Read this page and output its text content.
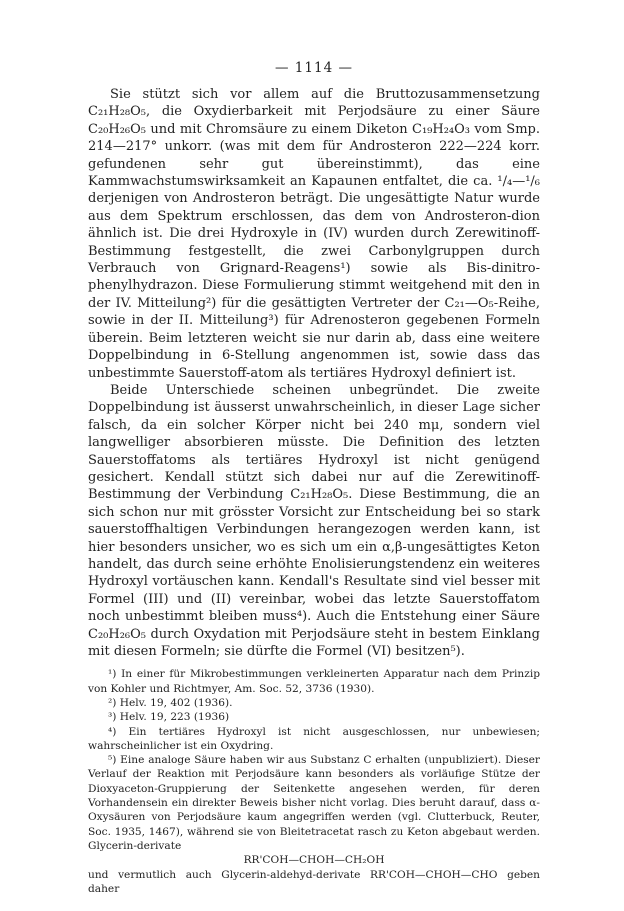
— 1114 —

Sie stützt sich vor allem auf die Bruttozusammensetzung C₂₁H₂₈O₅, die Oxydierbarkeit mit Perjodsäure zu einer Säure C₂₀H₂₆O₅ und mit Chromsäure zu einem Diketon C₁₉H₂₄O₃ vom Smp. 214—217° unkorr. (was mit dem für Androsteron 222—224 korr. gefundenen sehr gut übereinstimmt), das eine Kammwachstumswirksamkeit an Kapaunen entfaltet, die ca. ¹/₄—¹/₆ derjenigen von Androsteron beträgt. Die ungesättigte Natur wurde aus dem Spektrum erschlossen, das dem von Androsteron-dion ähnlich ist. Die drei Hydroxyle in (IV) wurden durch Zerewitinoff-Bestimmung festgestellt, die zwei Carbonylgruppen durch Verbrauch von Grignard-Reagens¹) sowie als Bis-dinitro-phenylhydrazon. Diese Formulierung stimmt weitgehend mit den in der IV. Mitteilung²) für die gesättigten Vertreter der C₂₁—O₅-Reihe, sowie in der II. Mitteilung³) für Adrenosteron gegebenen Formeln überein. Beim letzteren weicht sie nur darin ab, dass eine weitere Doppelbindung in 6-Stellung angenommen ist, sowie dass das unbestimmte Sauerstoff-atom als tertiäres Hydroxyl definiert ist.

Beide Unterschiede scheinen unbegründet. Die zweite Doppelbindung ist äusserst unwahrscheinlich, in dieser Lage sicher falsch, da ein solcher Körper nicht bei 240 mμ, sondern viel langwelliger absorbieren müsste. Die Definition des letzten Sauerstoffatoms als tertiäres Hydroxyl ist nicht genügend gesichert. Kendall stützt sich dabei nur auf die Zerewitinoff-Bestimmung der Verbindung C₂₁H₂₈O₅. Diese Bestimmung, die an sich schon nur mit grösster Vorsicht zur Entscheidung bei so stark sauerstoffhaltigen Verbindungen herangezogen werden kann, ist hier besonders unsicher, wo es sich um ein α,β-ungesättigtes Keton handelt, das durch seine erhöhte Enolisierungstendenz ein weiteres Hydroxyl vortäuschen kann. Kendall's Resultate sind viel besser mit Formel (III) und (II) vereinbar, wobei das letzte Sauerstoffatom noch unbestimmt bleiben muss⁴). Auch die Entstehung einer Säure C₂₀H₂₆O₅ durch Oxydation mit Perjodsäure steht in bestem Einklang mit diesen Formeln; sie dürfte die Formel (VI) besitzen⁵).

¹) In einer für Mikrobestimmungen verkleinerten Apparatur nach dem Prinzip von Kohler und Richtmyer, Am. Soc. 52, 3736 (1930).

²) Helv. 19, 402 (1936).

³) Helv. 19, 223 (1936)

⁴) Ein tertiäres Hydroxyl ist nicht ausgeschlossen, nur unbewiesen; wahrscheinlicher ist ein Oxydring.

⁵) Eine analoge Säure haben wir aus Substanz C erhalten (unpubliziert). Dieser Verlauf der Reaktion mit Perjodsäure kann besonders als vorläufige Stütze der Dioxyaceton-Gruppierung der Seitenkette angesehen werden, für deren Vorhandensein ein direkter Beweis bisher nicht vorlag. Dies beruht darauf, dass α-Oxysäuren von Perjodsäure kaum angegriffen werden (vgl. Clutterbuck, Reuter, Soc. 1935, 1467), während sie von Bleitetracetat rasch zu Keton abgebaut werden. Glycerin-derivate

RR'COH—CHOH—CH₂OH

und vermutlich auch Glycerin-aldehyd-derivate RR'COH—CHOH—CHO geben daher
